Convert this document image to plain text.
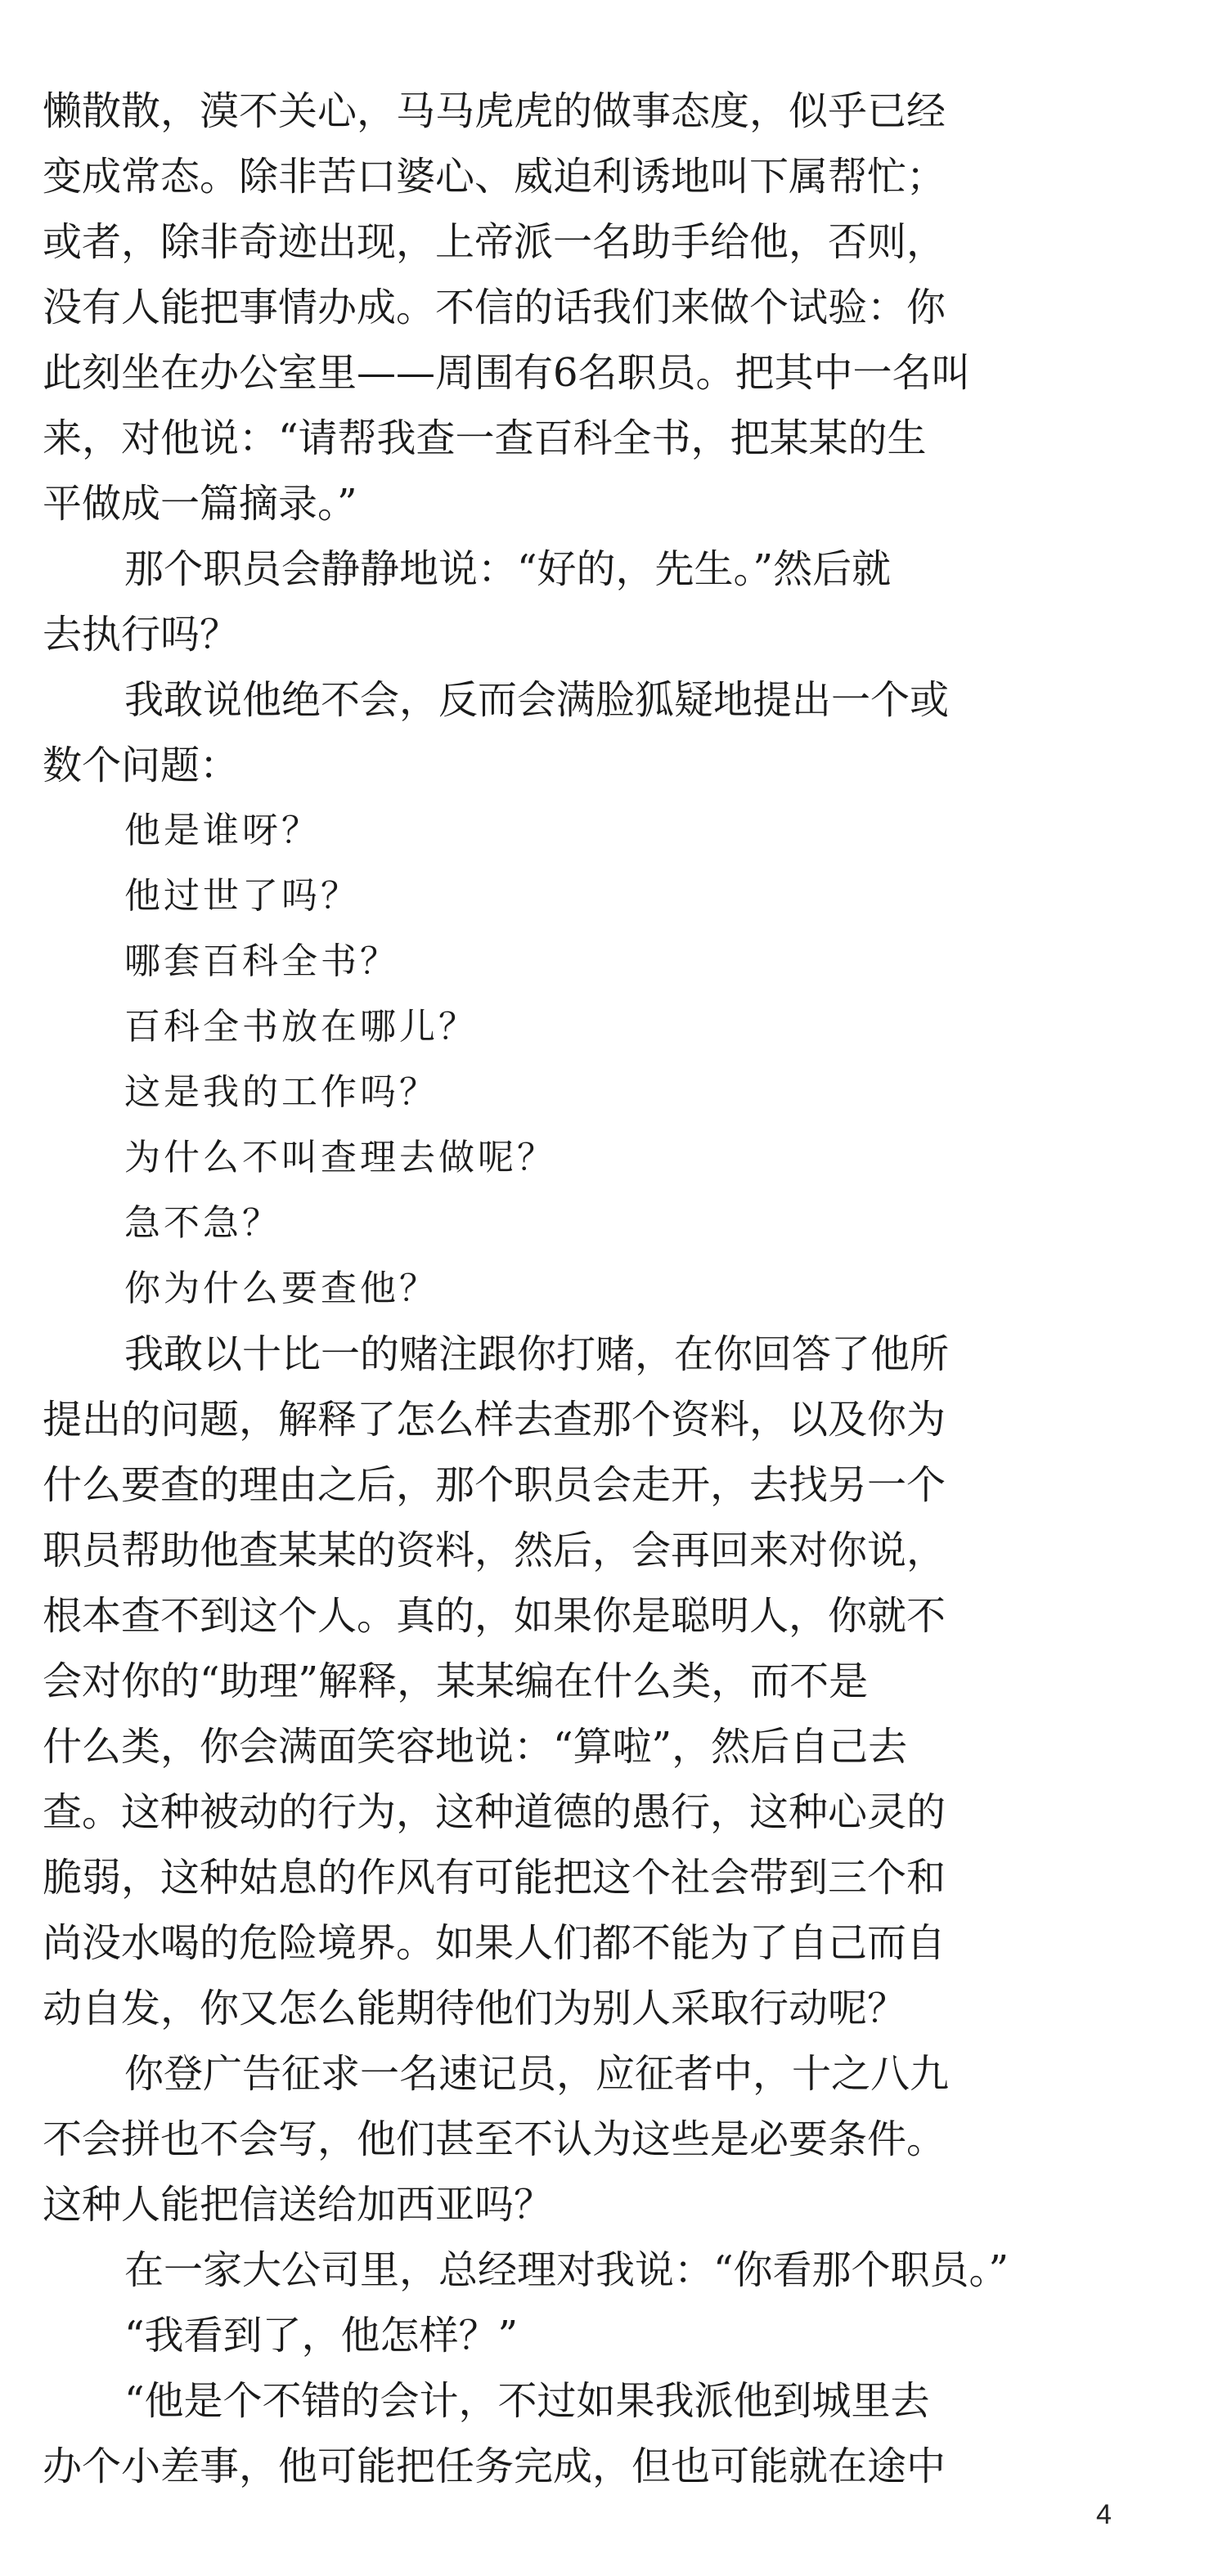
懒散散，漠不关心，马马虎虎的做事态度，似乎已经
变成常态。除非苦口婆心、威迫利诱地叫下属帮忙；
或者，除非奇迹出现，上帝派一名助手给他，否则，
没有人能把事情办成。不信的话我们来做个试验：你
此刻坐在办公室里——周围有6名职员。把其中一名叫
来，对他说：“请帮我查一查百科全书，把某某的生
平做成一篇摘录。”
那个职员会静静地说：“好的，先生。”然后就
去执行吗？
我敢说他绝不会，反而会满脸狐疑地提出一个或
数个问题：
他是谁呀？
他过世了吗？
哪套百科全书？
百科全书放在哪儿？
这是我的工作吗？
为什么不叫查理去做呢？
急不急？
你为什么要查他？
我敢以十比一的赌注跟你打赌，在你回答了他所
提出的问题，解释了怎么样去查那个资料，以及你为
什么要查的理由之后，那个职员会走开，去找另一个
职员帮助他查某某的资料，然后，会再回来对你说，
根本查不到这个人。真的，如果你是聪明人，你就不
会对你的“助理”解释，某某编在什么类，而不是
什么类，你会满面笑容地说：“算啦”，然后自己去
查。这种被动的行为，这种道德的愚行，这种心灵的
脆弱，这种姑息的作风有可能把这个社会带到三个和
尚没水喝的危险境界。如果人们都不能为了自己而自
动自发，你又怎么能期待他们为别人采取行动呢？
你登广告征求一名速记员，应征者中，十之八九
不会拼也不会写，他们甚至不认为这些是必要条件。
这种人能把信送给加西亚吗？
在一家大公司里，总经理对我说：“你看那个职员。”
“我看到了，他怎样？”
“他是个不错的会计，不过如果我派他到城里去
办个小差事，他可能把任务完成，但也可能就在途中
4
